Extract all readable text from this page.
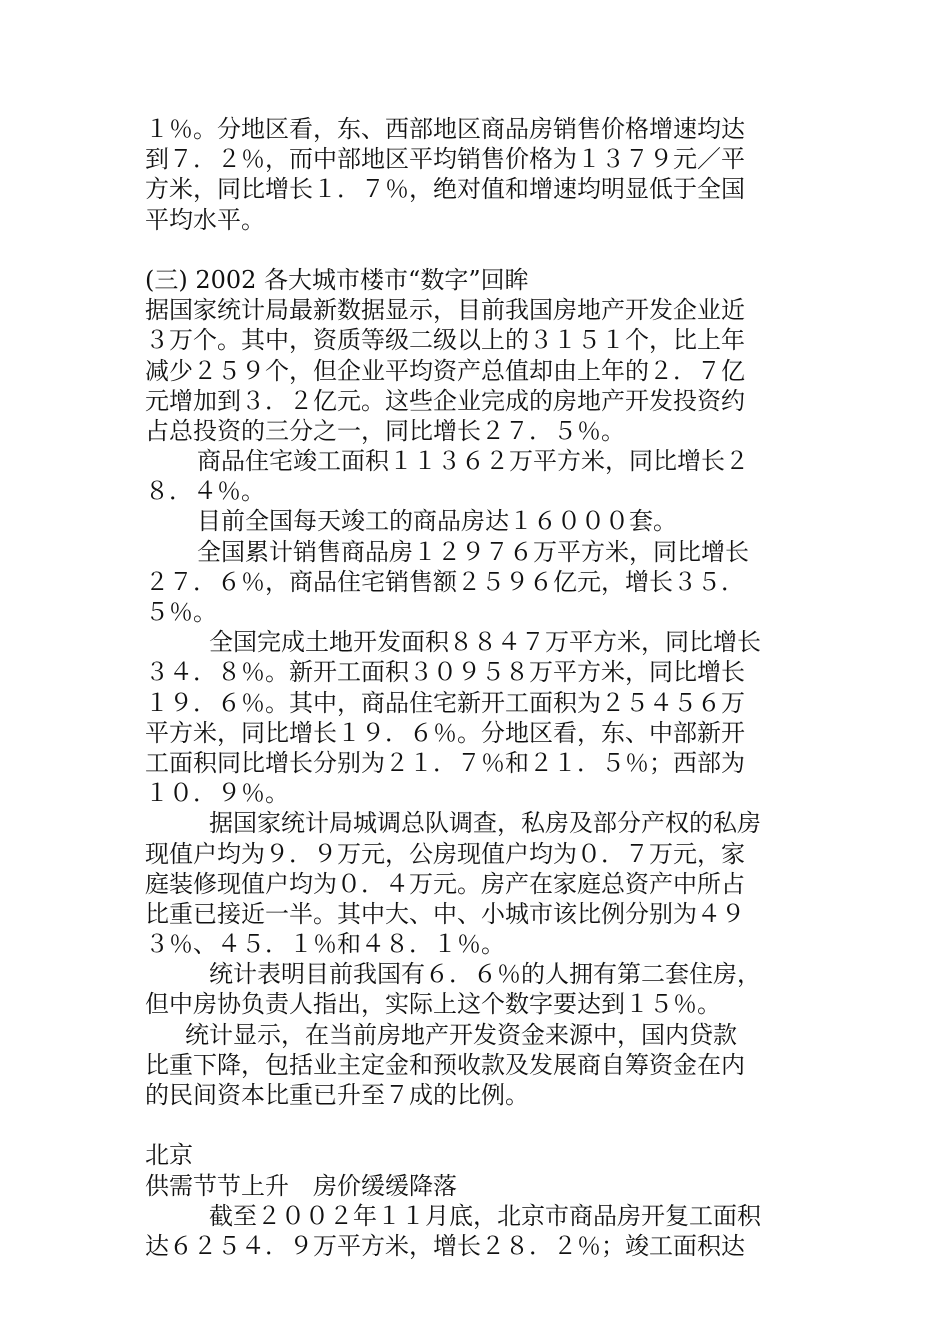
１％。分地区看，东、西部地区商品房销售价格增速均达
到７．２％，而中部地区平均销售价格为１３７９元／平
方米，同比增长１．７％，绝对值和增速均明显低于全国
平均水平。
(三) 2002 各大城市楼市“数字”回眸
据国家统计局最新数据显示，目前我国房地产开发企业近
３万个。其中，资质等级二级以上的３１５１个，比上年
减少２５９个，但企业平均资产总值却由上年的２．７亿
元增加到３．２亿元。这些企业完成的房地产开发投资约
占总投资的三分之一，同比增长２７．５％。
商品住宅竣工面积１１３６２万平方米，同比增长２
８．４％。
目前全国每天竣工的商品房达１６０００套。
全国累计销售商品房１２９７６万平方米，同比增长
２７．６％，商品住宅销售额２５９６亿元，增长３５．
５％。
全国完成土地开发面积８８４７万平方米，同比增长
３４．８％。新开工面积３０９５８万平方米，同比增长
１９．６％。其中，商品住宅新开工面积为２５４５６万
平方米，同比增长１９．６％。分地区看，东、中部新开
工面积同比增长分别为２１．７％和２１．５％；西部为
１０．９％。
据国家统计局城调总队调查，私房及部分产权的私房
现值户均为９．９万元，公房现值户均为０．７万元，家
庭装修现值户均为０．４万元。房产在家庭总资产中所占
比重已接近一半。其中大、中、小城市该比例分别为４９
３％、４５．１％和４８．１％。
统计表明目前我国有６．６％的人拥有第二套住房，
但中房协负责人指出，实际上这个数字要达到１５％。
统计显示，在当前房地产开发资金来源中，国内贷款
比重下降，包括业主定金和预收款及发展商自筹资金在内
的民间资本比重已升至７成的比例。
北京
供需节节上升　房价缓缓降落
截至２００２年１１月底，北京市商品房开复工面积
达６２５４．９万平方米，增长２８．２％；竣工面积达
